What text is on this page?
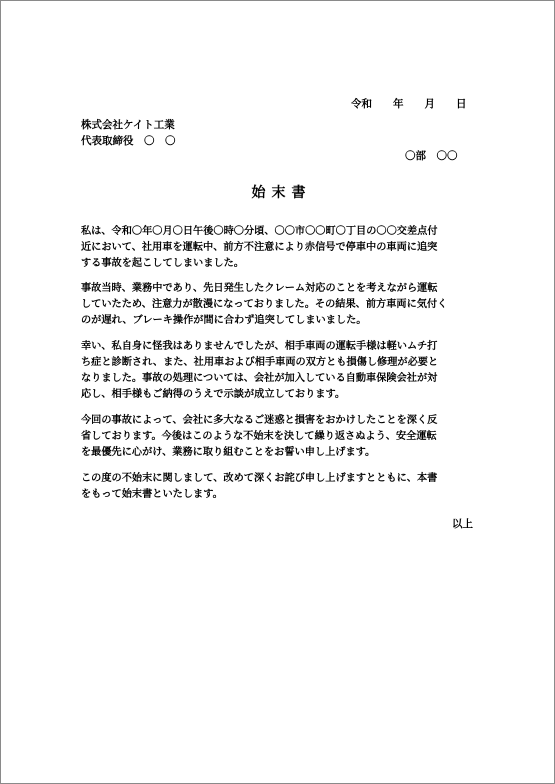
令和　　年　　月　　日
株式会社ケイト工業
代表取締役　〇　〇
〇部　〇〇
始末書
私は、令和〇年〇月〇日午後〇時〇分頃、〇〇市〇〇町〇丁目の〇〇交差点付
近において、社用車を運転中、前方不注意により赤信号で停車中の車両に追突
する事故を起こしてしまいました。
事故当時、業務中であり、先日発生したクレーム対応のことを考えながら運転
していたため、注意力が散漫になっておりました。その結果、前方車両に気付く
のが遅れ、ブレーキ操作が間に合わず追突してしまいました。
幸い、私自身に怪我はありませんでしたが、相手車両の運転手様は軽いムチ打
ち症と診断され、また、社用車および相手車両の双方とも損傷し修理が必要と
なりました。事故の処理については、会社が加入している自動車保険会社が対
応し、相手様もご納得のうえで示談が成立しております。
今回の事故によって、会社に多大なるご迷惑と損害をおかけしたことを深く反
省しております。今後はこのような不始末を決して繰り返さぬよう、安全運転
を最優先に心がけ、業務に取り組むことをお誓い申し上げます。
この度の不始末に関しまして、改めて深くお詫び申し上げますとともに、本書
をもって始末書といたします。
以上
